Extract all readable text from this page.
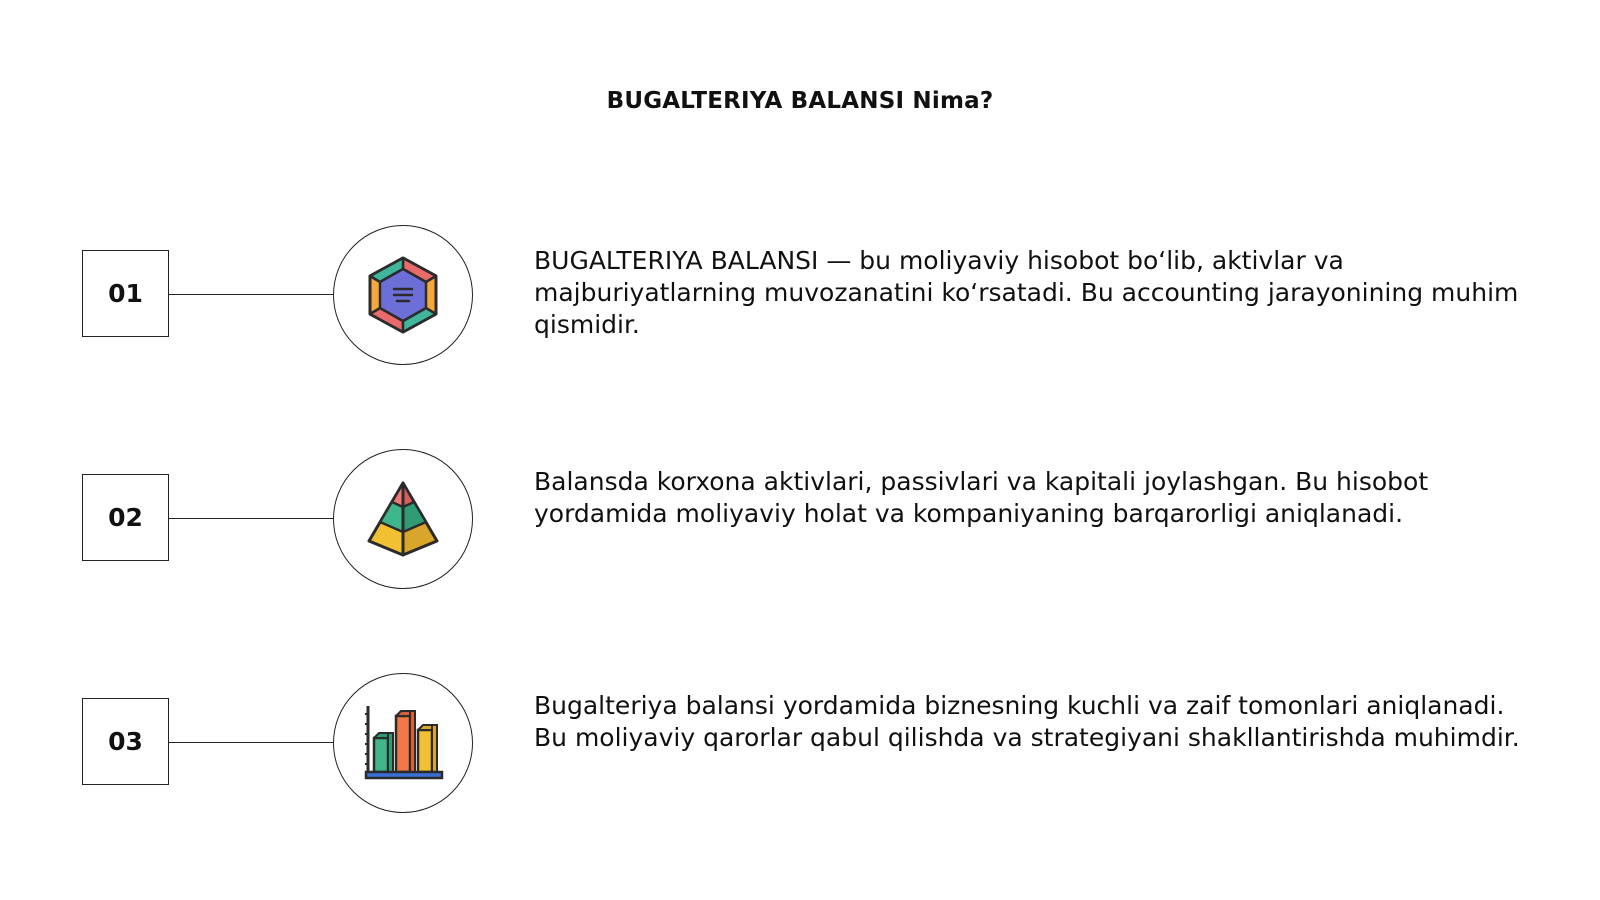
BUGALTERIYA BALANSI Nima?
01
BUGALTERIYA BALANSI — bu moliyaviy hisobot bo‘lib, aktivlar va majburiyatlarning muvozanatini ko‘rsatadi. Bu accounting jarayonining muhim qismidir.
02
Balansda korxona aktivlari, passivlari va kapitali joylashgan. Bu hisobot yordamida moliyaviy holat va kompaniyaning barqarorligi aniqlanadi.
03
Bugalteriya balansi yordamida biznesning kuchli va zaif tomonlari aniqlanadi. Bu moliyaviy qarorlar qabul qilishda va strategiyani shakllantirishda muhimdir.
